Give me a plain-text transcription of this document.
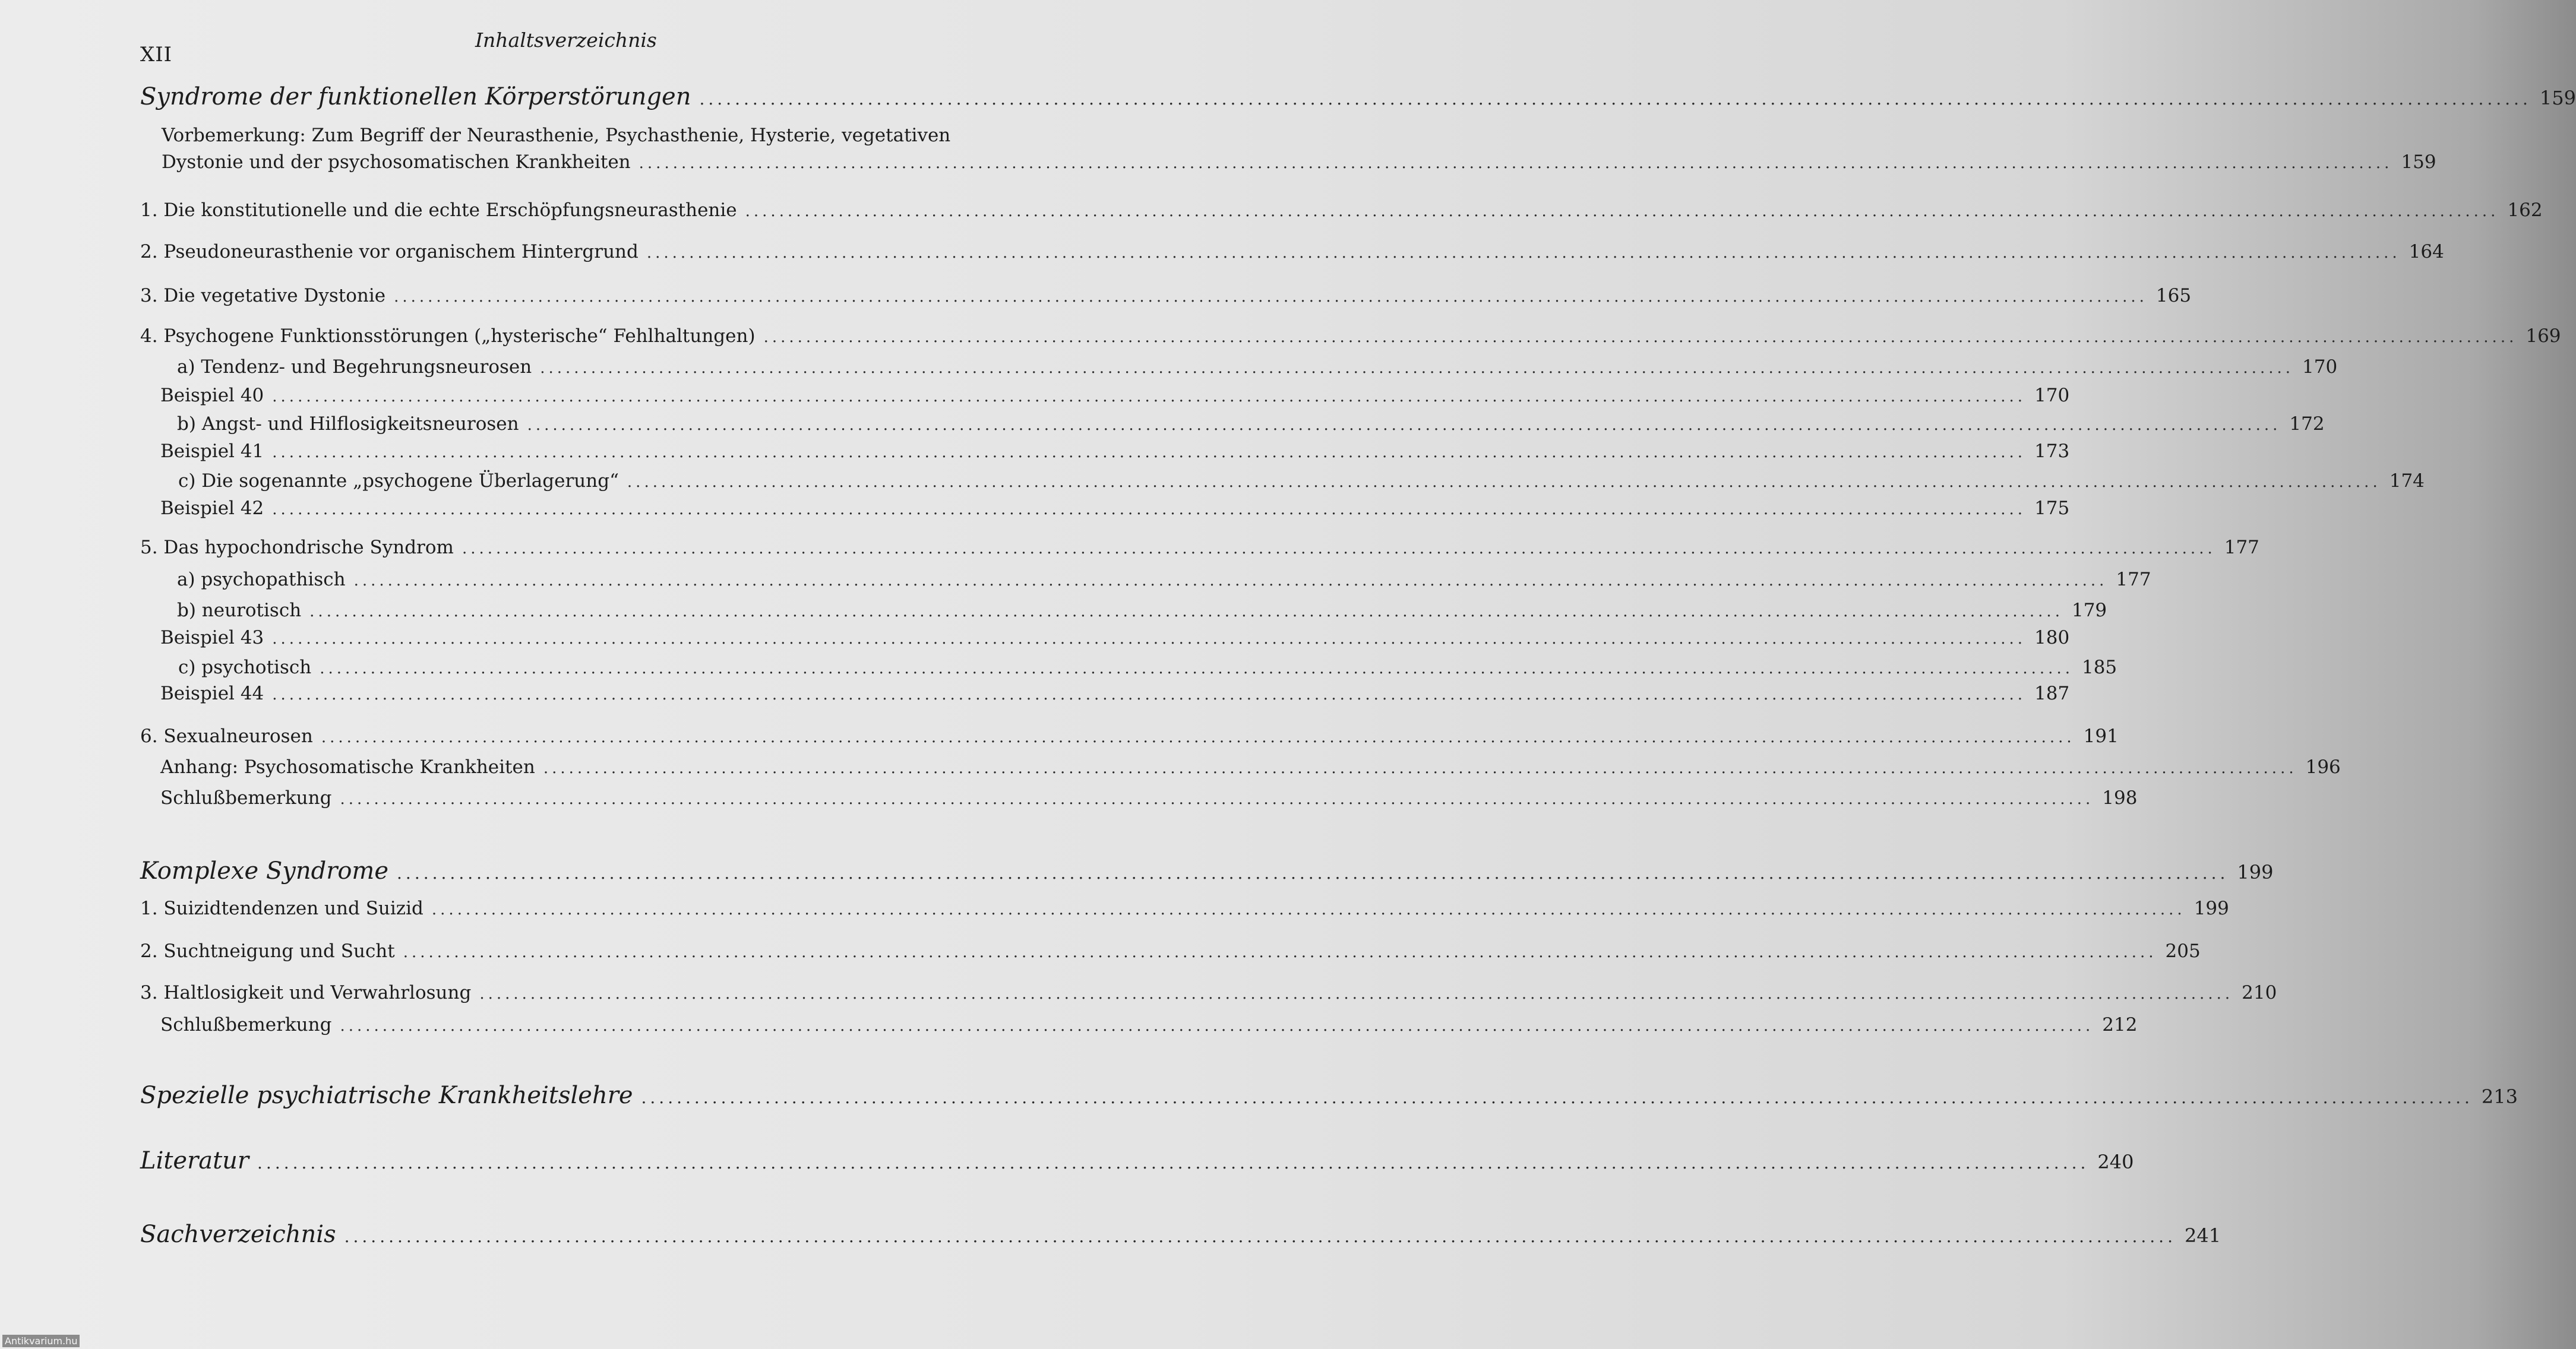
XII
Inhaltsverzeichnis
Syndrome der funktionellen Körperstörungen ............................................................................................................................................................................................................... 159
Vorbemerkung: Zum Begriff der Neurasthenie, Psychasthenie, Hysterie, vegetativen
Dystonie und der psychosomatischen Krankheiten ............................................................................................................................................................................................................... 159
1. Die konstitutionelle und die echte Erschöpfungsneurasthenie ............................................................................................................................................................................................................... 162
2. Pseudoneurasthenie vor organischem Hintergrund ............................................................................................................................................................................................................... 164
3. Die vegetative Dystonie ............................................................................................................................................................................................................... 165
4. Psychogene Funktionsstörungen („hysterische“ Fehlhaltungen) ............................................................................................................................................................................................................... 169
a) Tendenz- und Begehrungsneurosen ............................................................................................................................................................................................................... 170
Beispiel 40 ............................................................................................................................................................................................................... 170
b) Angst- und Hilflosigkeitsneurosen ............................................................................................................................................................................................................... 172
Beispiel 41 ............................................................................................................................................................................................................... 173
c) Die sogenannte „psychogene Überlagerung“ ............................................................................................................................................................................................................... 174
Beispiel 42 ............................................................................................................................................................................................................... 175
5. Das hypochondrische Syndrom ............................................................................................................................................................................................................... 177
a) psychopathisch ............................................................................................................................................................................................................... 177
b) neurotisch ............................................................................................................................................................................................................... 179
Beispiel 43 ............................................................................................................................................................................................................... 180
c) psychotisch ............................................................................................................................................................................................................... 185
Beispiel 44 ............................................................................................................................................................................................................... 187
6. Sexualneurosen ............................................................................................................................................................................................................... 191
Anhang: Psychosomatische Krankheiten ............................................................................................................................................................................................................... 196
Schlußbemerkung ............................................................................................................................................................................................................... 198
Komplexe Syndrome ............................................................................................................................................................................................................... 199
1. Suizidtendenzen und Suizid ............................................................................................................................................................................................................... 199
2. Suchtneigung und Sucht ............................................................................................................................................................................................................... 205
3. Haltlosigkeit und Verwahrlosung ............................................................................................................................................................................................................... 210
Schlußbemerkung ............................................................................................................................................................................................................... 212
Spezielle psychiatrische Krankheitslehre ............................................................................................................................................................................................................... 213
Literatur ............................................................................................................................................................................................................... 240
Sachverzeichnis ............................................................................................................................................................................................................... 241
Antikvarium.hu
